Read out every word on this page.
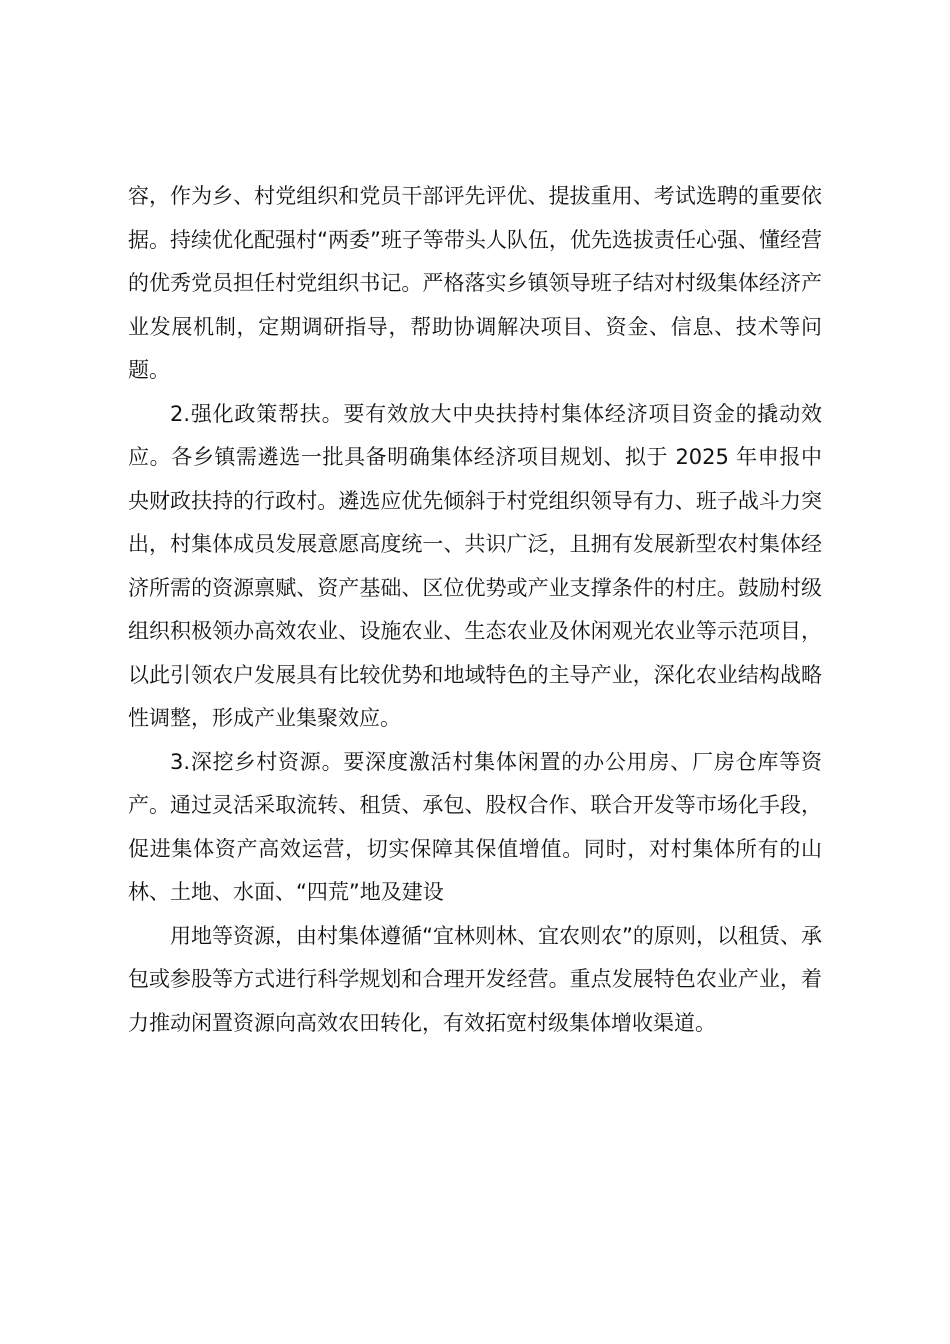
容，作为乡、村党组织和党员干部评先评优、提拔重用、考试选聘的重要依据。持续优化配强村“两委”班子等带头人队伍，优先选拔责任心强、懂经营的优秀党员担任村党组织书记。严格落实乡镇领导班子结对村级集体经济产业发展机制，定期调研指导，帮助协调解决项目、资金、信息、技术等问题。

2.强化政策帮扶。要有效放大中央扶持村集体经济项目资金的撬动效应。各乡镇需遴选一批具备明确集体经济项目规划、拟于 2025 年申报中央财政扶持的行政村。遴选应优先倾斜于村党组织领导有力、班子战斗力突出，村集体成员发展意愿高度统一、共识广泛，且拥有发展新型农村集体经济所需的资源禀赋、资产基础、区位优势或产业支撑条件的村庄。鼓励村级组织积极领办高效农业、设施农业、生态农业及休闲观光农业等示范项目，以此引领农户发展具有比较优势和地域特色的主导产业，深化农业结构战略性调整，形成产业集聚效应。

3.深挖乡村资源。要深度激活村集体闲置的办公用房、厂房仓库等资产。通过灵活采取流转、租赁、承包、股权合作、联合开发等市场化手段，促进集体资产高效运营，切实保障其保值增值。同时，对村集体所有的山林、土地、水面、“四荒”地及建设

用地等资源，由村集体遵循“宜林则林、宜农则农”的原则，以租赁、承包或参股等方式进行科学规划和合理开发经营。重点发展特色农业产业，着力推动闲置资源向高效农田转化，有效拓宽村级集体增收渠道。
